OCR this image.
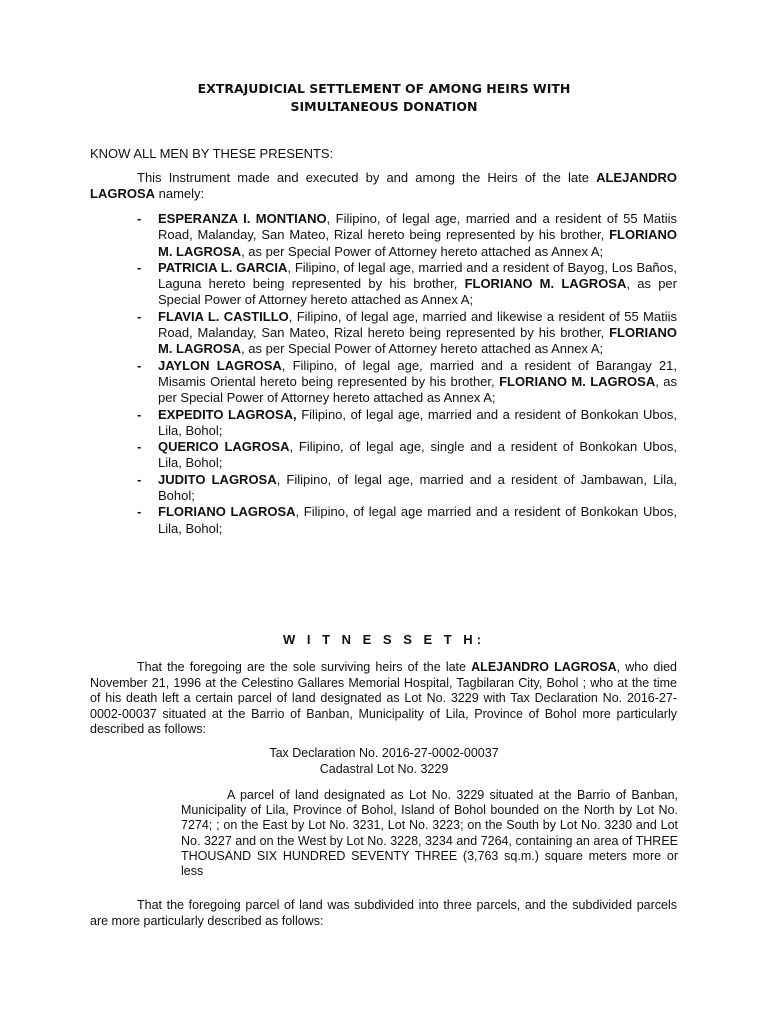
EXTRAJUDICIAL SETTLEMENT OF AMONG HEIRS WITH
SIMULTANEOUS DONATION
KNOW ALL MEN BY THESE PRESENTS:
This Instrument made and executed by and among the Heirs of the late ALEJANDRO LAGROSA namely:
- ESPERANZA I. MONTIANO, Filipino, of legal age, married and a resident of 55 Matiis Road, Malanday, San Mateo, Rizal hereto being represented by his brother, FLORIANO M. LAGROSA, as per Special Power of Attorney hereto attached as Annex A;
- PATRICIA L. GARCIA, Filipino, of legal age, married and a resident of Bayog, Los Baños, Laguna hereto being represented by his brother, FLORIANO M. LAGROSA, as per Special Power of Attorney hereto attached as Annex A;
- FLAVIA L. CASTILLO, Filipino, of legal age, married and likewise a resident of 55 Matiis Road, Malanday, San Mateo, Rizal hereto being represented by his brother, FLORIANO M. LAGROSA, as per Special Power of Attorney hereto attached as Annex A;
- JAYLON LAGROSA, Filipino, of legal age, married and a resident of Barangay 21, Misamis Oriental hereto being represented by his brother, FLORIANO M. LAGROSA, as per Special Power of Attorney hereto attached as Annex A;
- EXPEDITO LAGROSA, Filipino, of legal age, married and a resident of Bonkokan Ubos, Lila, Bohol;
- QUERICO LAGROSA, Filipino, of legal age, single and a resident of Bonkokan Ubos, Lila, Bohol;
- JUDITO LAGROSA, Filipino, of legal age, married and a resident of Jambawan, Lila, Bohol;
- FLORIANO LAGROSA, Filipino, of legal age married and a resident of Bonkokan Ubos, Lila, Bohol;
W I T N E S S E T H:
That the foregoing are the sole surviving heirs of the late ALEJANDRO LAGROSA, who died November 21, 1996 at the Celestino Gallares Memorial Hospital, Tagbilaran City, Bohol ; who at the time of his death left a certain parcel of land designated as Lot No. 3229 with Tax Declaration No. 2016-27-0002-00037 situated at the Barrio of Banban, Municipality of Lila, Province of Bohol more particularly described as follows:
Tax Declaration No. 2016-27-0002-00037
Cadastral Lot No. 3229
A parcel of land designated as Lot No. 3229 situated at the Barrio of Banban, Municipality of Lila, Province of Bohol, Island of Bohol bounded on the North by Lot No. 7274; ; on the East by Lot No. 3231, Lot No. 3223; on the South by Lot No. 3230 and Lot No. 3227 and on the West by Lot No. 3228, 3234 and 7264, containing an area of THREE THOUSAND SIX HUNDRED SEVENTY THREE (3,763 sq.m.) square meters more or less
That the foregoing parcel of land was subdivided into three parcels, and the subdivided parcels are more particularly described as follows:
